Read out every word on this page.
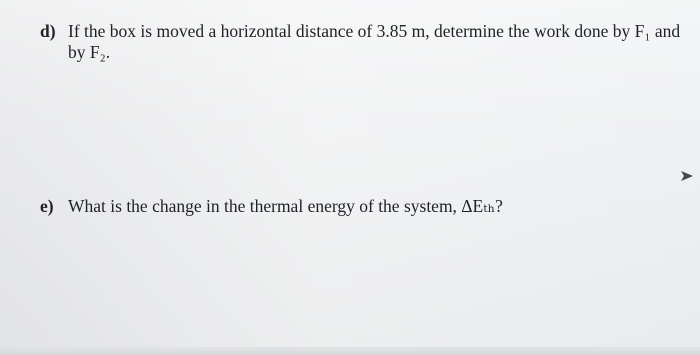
d) If the box is moved a horizontal distance of 3.85 m, determine the work done by F₁ and
by F₂.
e) What is the change in the thermal energy of the system, ΔEₜₕ?
